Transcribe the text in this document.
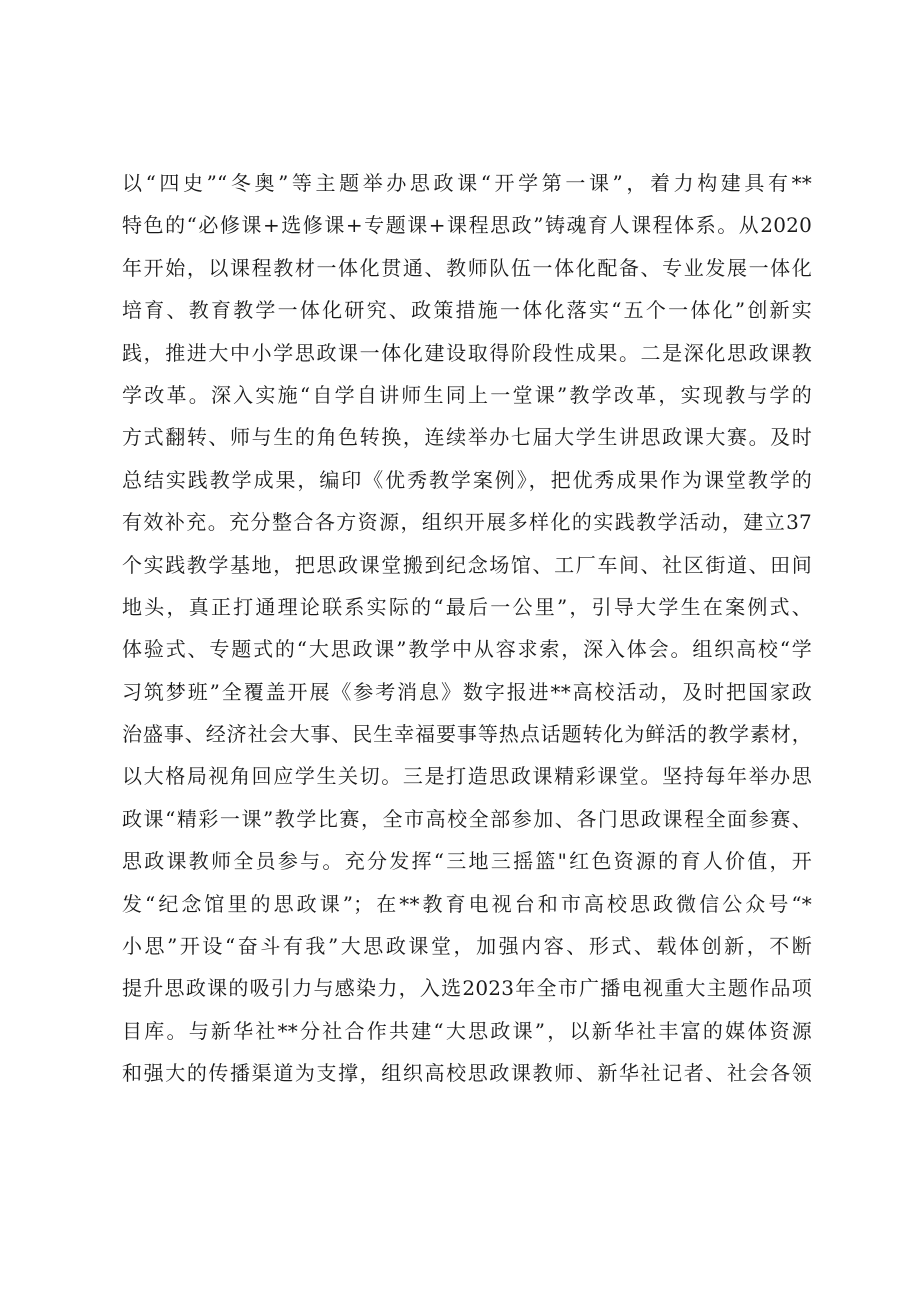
以“四史”“冬奥”等主题举办思政课“开学第一课”，着力构建具有**
特色的“必修课+选修课+专题课+课程思政”铸魂育人课程体系。从2020
年开始，以课程教材一体化贯通、教师队伍一体化配备、专业发展一体化
培育、教育教学一体化研究、政策措施一体化落实“五个一体化”创新实
践，推进大中小学思政课一体化建设取得阶段性成果。二是深化思政课教
学改革。深入实施“自学自讲师生同上一堂课”教学改革，实现教与学的
方式翻转、师与生的角色转换，连续举办七届大学生讲思政课大赛。及时
总结实践教学成果，编印《优秀教学案例》，把优秀成果作为课堂教学的
有效补充。充分整合各方资源，组织开展多样化的实践教学活动，建立37
个实践教学基地，把思政课堂搬到纪念场馆、工厂车间、社区街道、田间
地头，真正打通理论联系实际的“最后一公里”，引导大学生在案例式、
体验式、专题式的“大思政课”教学中从容求索，深入体会。组织高校“学
习筑梦班”全覆盖开展《参考消息》数字报进**高校活动，及时把国家政
治盛事、经济社会大事、民生幸福要事等热点话题转化为鲜活的教学素材，
以大格局视角回应学生关切。三是打造思政课精彩课堂。坚持每年举办思
政课“精彩一课”教学比赛，全市高校全部参加、各门思政课程全面参赛、
思政课教师全员参与。充分发挥“三地三摇篮"红色资源的育人价值，开
发“纪念馆里的思政课”；在**教育电视台和市高校思政微信公众号“*
小思”开设“奋斗有我”大思政课堂，加强内容、形式、载体创新，不断
提升思政课的吸引力与感染力，入选2023年全市广播电视重大主题作品项
目库。与新华社**分社合作共建“大思政课”，以新华社丰富的媒体资源
和强大的传播渠道为支撑，组织高校思政课教师、新华社记者、社会各领
